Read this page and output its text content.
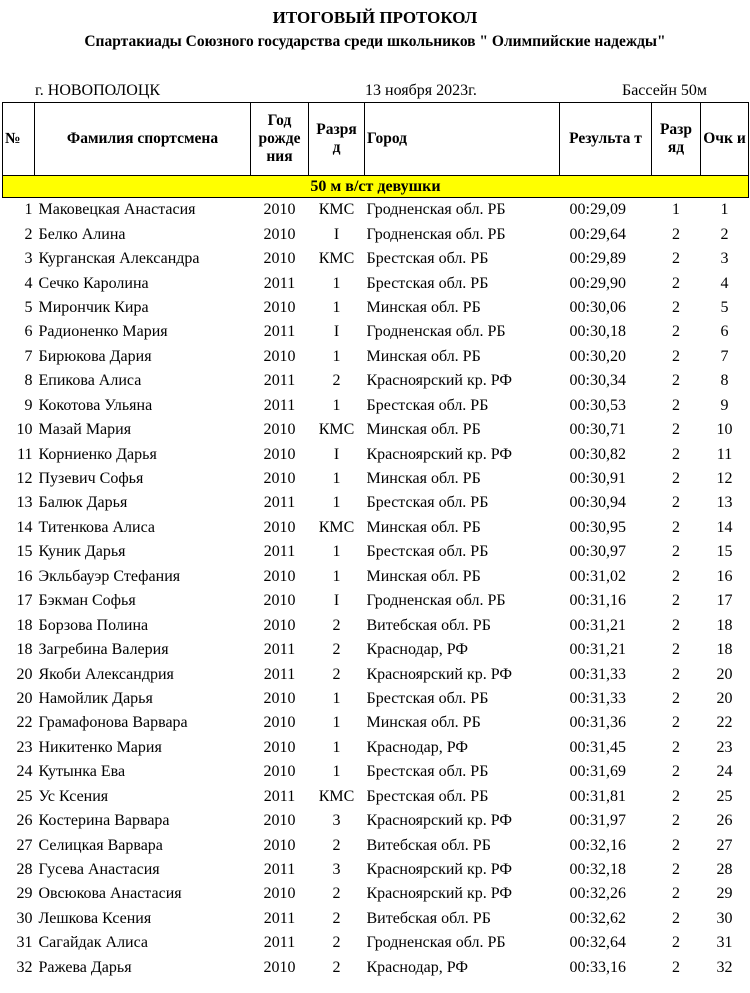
ИТОГОВЫЙ ПРОТОКОЛ
Спартакиады Союзного государства среди школьников " Олимпийские надежды"
г. НОВОПОЛОЦК	13 ноября 2023г.	Бассейн 50м
№	Фамилия спортсмена	Год рожде ния	Разря д	Город	Результа т	Разр яд	Очк и
50 м в/ст девушки							
1	Маковецкая Анастасия	2010	КМС	Гродненская обл. РБ	00:29,09	1	1
2	Белко Алина	2010	I	Гродненская обл. РБ	00:29,64	2	2
3	Курганская Александра	2010	КМС	Брестская обл. РБ	00:29,89	2	3
4	Сечко Каролина	2011	1	Брестская обл. РБ	00:29,90	2	4
5	Мирончик Кира	2010	1	Минская обл. РБ	00:30,06	2	5
6	Радионенко Мария	2011	I	Гродненская обл. РБ	00:30,18	2	6
7	Бирюкова Дария	2010	1	Минская обл. РБ	00:30,20	2	7
8	Епикова Алиса	2011	2	Красноярский кр. РФ	00:30,34	2	8
9	Кокотова Ульяна	2011	1	Брестская обл. РБ	00:30,53	2	9
10	Мазай Мария	2010	КМС	Минская обл. РБ	00:30,71	2	10
11	Корниенко Дарья	2010	I	Красноярский кр. РФ	00:30,82	2	11
12	Пузевич Софья	2010	1	Минская обл. РБ	00:30,91	2	12
13	Балюк Дарья	2011	1	Брестская обл. РБ	00:30,94	2	13
14	Титенкова Алиса	2010	КМС	Минская обл. РБ	00:30,95	2	14
15	Куник Дарья	2011	1	Брестская обл. РБ	00:30,97	2	15
16	Экльбауэр Стефания	2010	1	Минская обл. РБ	00:31,02	2	16
17	Бэкман Софья	2010	I	Гродненская обл. РБ	00:31,16	2	17
18	Борзова Полина	2010	2	Витебская обл. РБ	00:31,21	2	18
18	Загребина Валерия	2011	2	Краснодар, РФ	00:31,21	2	18
20	Якоби Александрия	2011	2	Красноярский кр. РФ	00:31,33	2	20
20	Намойлик Дарья	2010	1	Брестская обл. РБ	00:31,33	2	20
22	Грамафонова Варвара	2010	1	Минская обл. РБ	00:31,36	2	22
23	Никитенко Мария	2010	1	Краснодар, РФ	00:31,45	2	23
24	Кутынка Ева	2010	1	Брестская обл. РБ	00:31,69	2	24
25	Ус Ксения	2011	КМС	Брестская обл. РБ	00:31,81	2	25
26	Костерина Варвара	2010	3	Красноярский кр. РФ	00:31,97	2	26
27	Селицкая Варвара	2010	2	Витебская обл. РБ	00:32,16	2	27
28	Гусева Анастасия	2011	3	Красноярский кр. РФ	00:32,18	2	28
29	Овсюкова Анастасия	2010	2	Красноярский кр. РФ	00:32,26	2	29
30	Лешкова Ксения	2011	2	Витебская обл. РБ	00:32,62	2	30
31	Сагайдак Алиса	2011	2	Гродненская обл. РБ	00:32,64	2	31
32	Ражева Дарья	2010	2	Краснодар, РФ	00:33,16	2	32
